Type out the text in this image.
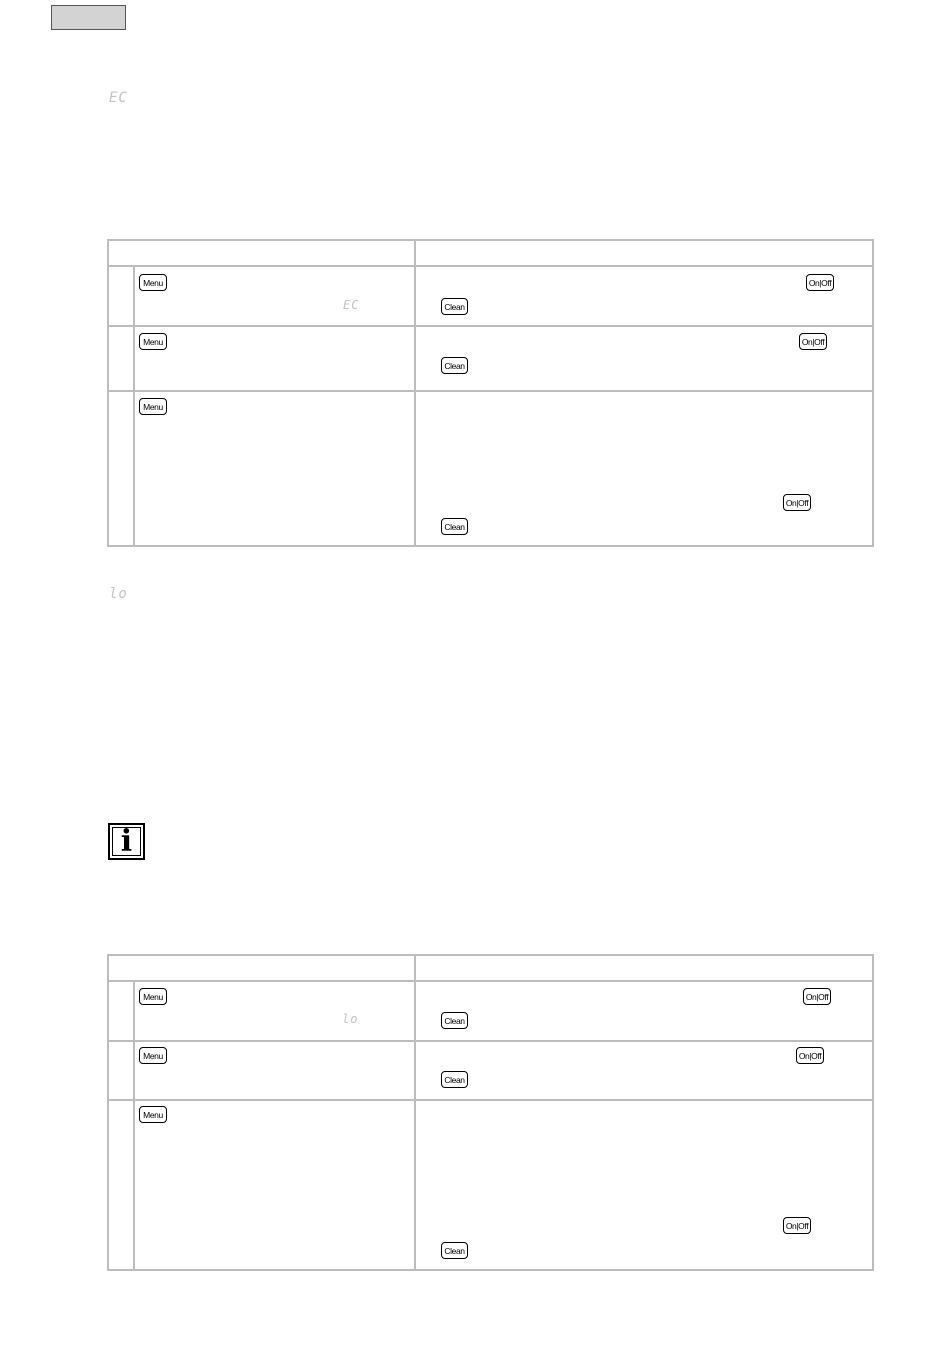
EC
Menu
EC
On|Off
Clean
Menu	On|Off
Clean
Menu
On|Off
Clean
lo
i
Menu
lo
On|Off
Clean
Menu	On|Off
Clean
Menu
On|Off
Clean
